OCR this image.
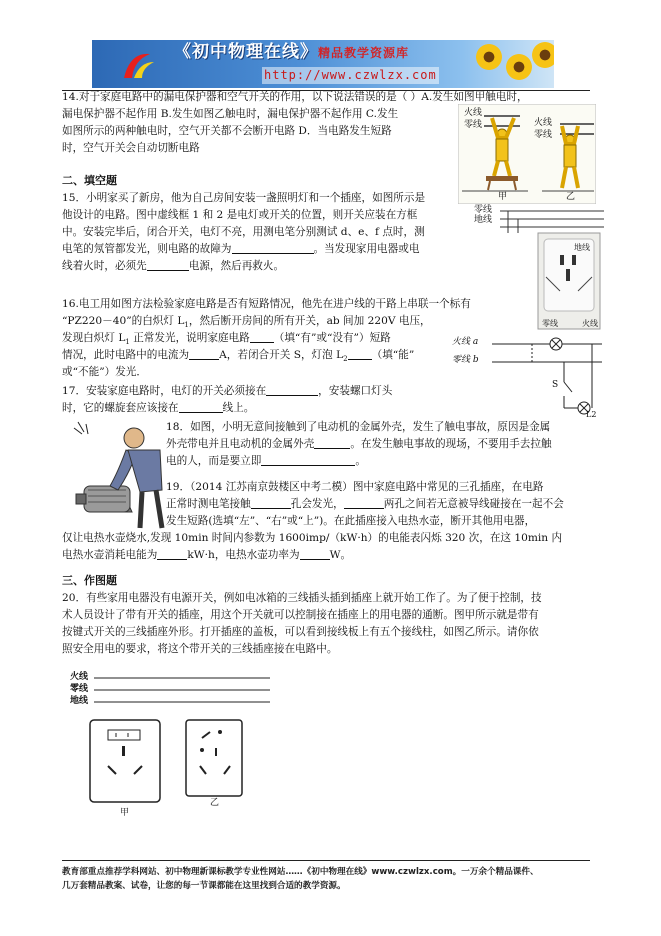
《初中物理在线》精品教学资源库
http://www.czwlzx.com
14.对于家庭电路中的漏电保护器和空气开关的作用，以下说法错误的是（ ）A.发生如图甲触电时，
漏电保护器不起作用 B.发生如图乙触电时，漏电保护器不起作用 C.发生
如图所示的两种触电时，空气开关都不会断开电路 D．当电路发生短路
时，空气开关会自动切断电路
火线
零线	火线
零线
甲	乙
二、填空题
15．小明家买了新房，他为自己房间安装一盏照明灯和一个插座，如图所示是
他设计的电路。图中虚线框 1 和 2 是电灯或开关的位置，则开关应装在方框
中。安装完毕后，闭合开关，电灯不亮，用测电笔分别测试 d、e、f 点时，测
电笔的氖管都发光，则电路的故障为	。当发现家用电器或电
线着火时，必须先	电源，然后再救火。
零线
地线
地线
零线	火线
16.电工用如图方法检验家庭电路是否有短路情况，他先在进户线的干路上串联一个标有
“PZ220－40”的白炽灯 $L_1$，然后断开房间的所有开关，ab 间加 220V 电压，
发现白炽灯 $L_1$ 正常发光，说明家庭电路 （填“有”或“没有”）短路
情况，此时电路中的电流为	A，若闭合开关 S，灯泡 $L_2$ （填“能”
或“不能”）发光．
火线 a
零线 b
S
L2
17．安装家庭电路时，电灯的开关必须接在	，安装螺口灯头
时，它的螺旋套应该接在	线上。
18．如图，小明无意间接触到了电动机的金属外壳，发生了触电事故，原因是金属
外壳带电并且电动机的金属外壳	。在发生触电事故的现场，不要用手去拉触
电的人，而是要立即	。
19．（2014 江苏南京鼓楼区中考二模）图中家庭电路中常见的三孔插座，在电路
正常时测电笔接触	孔会发光，	两孔之间若无意被导线碰接在一起不会
发生短路(选填“左”、“右”或“上”)。在此插座接入电热水壶，断开其他用电器，
仅让电热水壶烧水,发现 10min 时间内参数为 1600imp/（kW·h）的电能表闪烁 320 次，在这 10min 内
电热水壶消耗电能为	kW·h，电热水壶功率为	W。
三、作图题
20．有些家用电器没有电源开关，例如电冰箱的三线插头插到插座上就开始工作了。为了便于控制，技
术人员设计了带有开关的插座，用这个开关就可以控制接在插座上的用电器的通断。图甲所示就是带有
按键式开关的三线插座外形。打开插座的盖板，可以看到接线板上有五个接线柱，如图乙所示。请你依
照安全用电的要求，将这个带开关的三线插座接在电路中。
火线
零线
地线
甲
乙
教育部重点推荐学科网站、初中物理新课标教学专业性网站……《初中物理在线》www.czwlzx.com。一万余个精品课件、
几万套精品教案、试卷，让您的每一节课都能在这里找到合适的教学资源。
